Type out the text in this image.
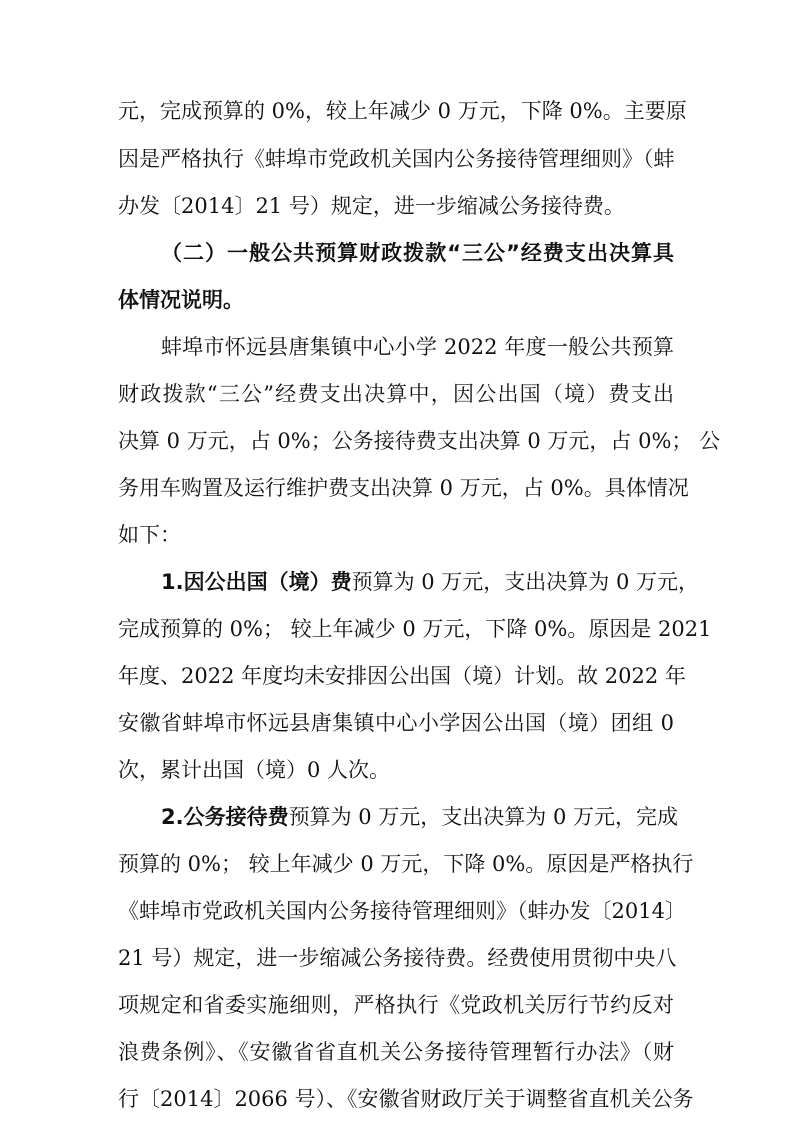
元，完成预算的 0%，较上年减少 0 万元，下降 0%。主要原
因是严格执行《蚌埠市党政机关国内公务接待管理细则》（蚌
办发〔2014〕21 号）规定，进一步缩减公务接待费。
（二）一般公共预算财政拨款“三公”经费支出决算具
体情况说明。
蚌埠市怀远县唐集镇中心小学 2022 年度一般公共预算
财政拨款“三公”经费支出决算中，因公出国（境）费支出
决算 0 万元，占 0%；公务接待费支出决算 0 万元，占 0%； 公
务用车购置及运行维护费支出决算 0 万元，占 0%。具体情况
如下：
1.因公出国（境）费预算为 0 万元，支出决算为 0 万元，
完成预算的 0%； 较上年减少 0 万元，下降 0%。原因是 2021
年度、2022 年度均未安排因公出国（境）计划。故 2022 年
安徽省蚌埠市怀远县唐集镇中心小学因公出国（境）团组 0
次，累计出国（境）0 人次。
2.公务接待费预算为 0 万元，支出决算为 0 万元，完成
预算的 0%； 较上年减少 0 万元，下降 0%。原因是严格执行
《蚌埠市党政机关国内公务接待管理细则》（蚌办发〔2014〕
21 号）规定，进一步缩减公务接待费。经费使用贯彻中央八
项规定和省委实施细则，严格执行《党政机关厉行节约反对
浪费条例》、《安徽省省直机关公务接待管理暂行办法》（财
行〔2014〕2066 号）、《安徽省财政厅关于调整省直机关公务
